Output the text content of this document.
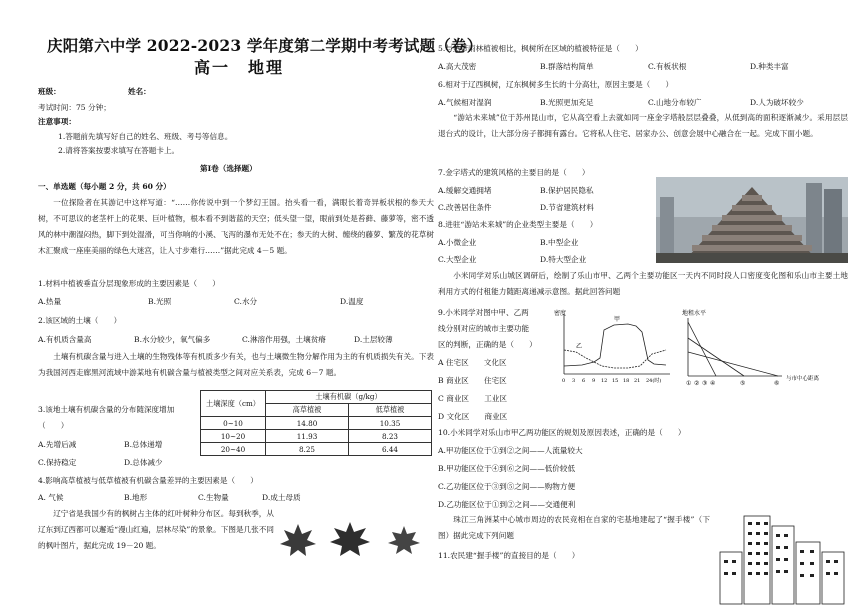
庆阳第六中学 2022-2023 学年度第二学期中考考试题（卷）
高一　地理
班级：	姓名：
考试时间：75 分钟；
注意事项：
1.答题前先填写好自己的姓名、班级、考号等信息。
2.请将答案按要求填写在答题卡上。
第Ⅰ卷（选择题）
一、单选题（每小题 2 分，共 60 分）
一位探险者在其游记中这样写道：“……你传说中到一个梦幻王国。抬头看一看，满眼长着奇异板状根的参天大树，不可思议的老茎杆上的花果、巨叶植物，根本看不到谐蓝的天空；低头望一望，眼前到处是苔藓、藤萝等，密不透风的林中潮湿闷热，脚下到处湿滑，可当你响的小溪、飞泻的瀑布无处不在；参天的大树、缠绕的藤萝、繁茂的花草树木汇聚成一座座美丽的绿色大迷宫，让人寸步难行……”据此完成 4－5 题。
1.材料中植被垂直分层现象形成的主要因素是（　　）
A.热量	B.光照	C.水分	D.温度
2.该区域的土壤（　　）
A.有机质含量高	B.水分较少，氧气偏多	C.淋溶作用强，土壤贫瘠	D.土层较薄
土壤有机碳含量与进入土壤的生物残体等有机质多少有关，也与土壤微生物分解作用为主的有机质损失有关。下表为我国河西走廊黑河流域中游某地有机碳含量与植被类型之间对应关系表，完成 6－7 题。
土壤深度（cm）	土壤有机碳（g/kg）	
	高草植被	低草植被
0~10	14.80	10.35
10~20	11.93	8.23
20~40	8.25	6.44
3.该地土壤有机碳含量的分布随深度增加
（　　）
A.先增后减	B.总体递增
C.保持稳定	D.总体减少
4.影响高草植被与低草植被有机碳含量差异的主要因素是（　　）
A. 气候	B.地形	C.生物量	D.成土母质
辽宁省是我国少有的枫树占主体的红叶树种分布区。每到秋季，从辽东到辽西都可以邂逅“漫山红遍，层林尽染”的景象。下图是几张不同的枫叶图片，据此完成 19－20 题。
5.与热带雨林植被相比，枫树所在区域的植被特征是（　　）
A.高大茂密	B.群落结构简单	C.有板状根	D.种类丰富
6.相对于辽西枫树，辽东枫树多生长的十分高壮，原因主要是（　　）
A.气候相对湿润	B.光照更加充足	C.山地分布较广	D.人为破坏较少
“游站未来城”位于苏州昆山市，它从高空看上去就如同一座金字塔般层层叠叠，从低到高的面积逐渐减少。采用层层退台式的设计，让大部分房子都拥有露台。它将私人住宅、居家办公、创意会展中心融合在一起。完成下面小题。
7.金字塔式的建筑风格的主要目的是（　　）
A.缓解交通拥堵	B.保护居民隐私
C.改善居住条件	D.节省建筑材料
8.进驻“游站未来城”的企业类型主要是（　　）
A.小微企业	B.中型企业
C.大型企业	D.特大型企业
小米同学对乐山城区调研后，绘制了乐山市甲、乙两个主要功能区一天内不同时段人口密度变化图和乐山市主要土地利用方式的付租能力随距离递减示意图。据此回答问题
9.小米同学对图中甲、乙两
线分别对应的城市主要功能
区的判断，正确的是（　　）
A 住宅区　　文化区
B 商业区　　住宅区
C 商业区　　工业区
D 文化区　　商业区
密度
甲
乙
0 3 6 9 12 15 18 21 24(时)
地租水平
① ② ③ ④	⑤	⑥
与市中心距离
10.小米同学对乐山市甲乙两功能区的规划及原因表述，正确的是（　　）
A.甲功能区位于①到②之间——人流量较大
B.甲功能区位于④到⑥之间——低价较低
C.乙功能区位于③到⑤之间——购物方便
D.乙功能区位于①到②之间——交通便利
珠江三角洲某中心城市周边的农民竞相在自家的宅基地建起了“握手楼”（下图）据此完成下列问题
11.农民建“握手楼”的直接目的是（　　）
